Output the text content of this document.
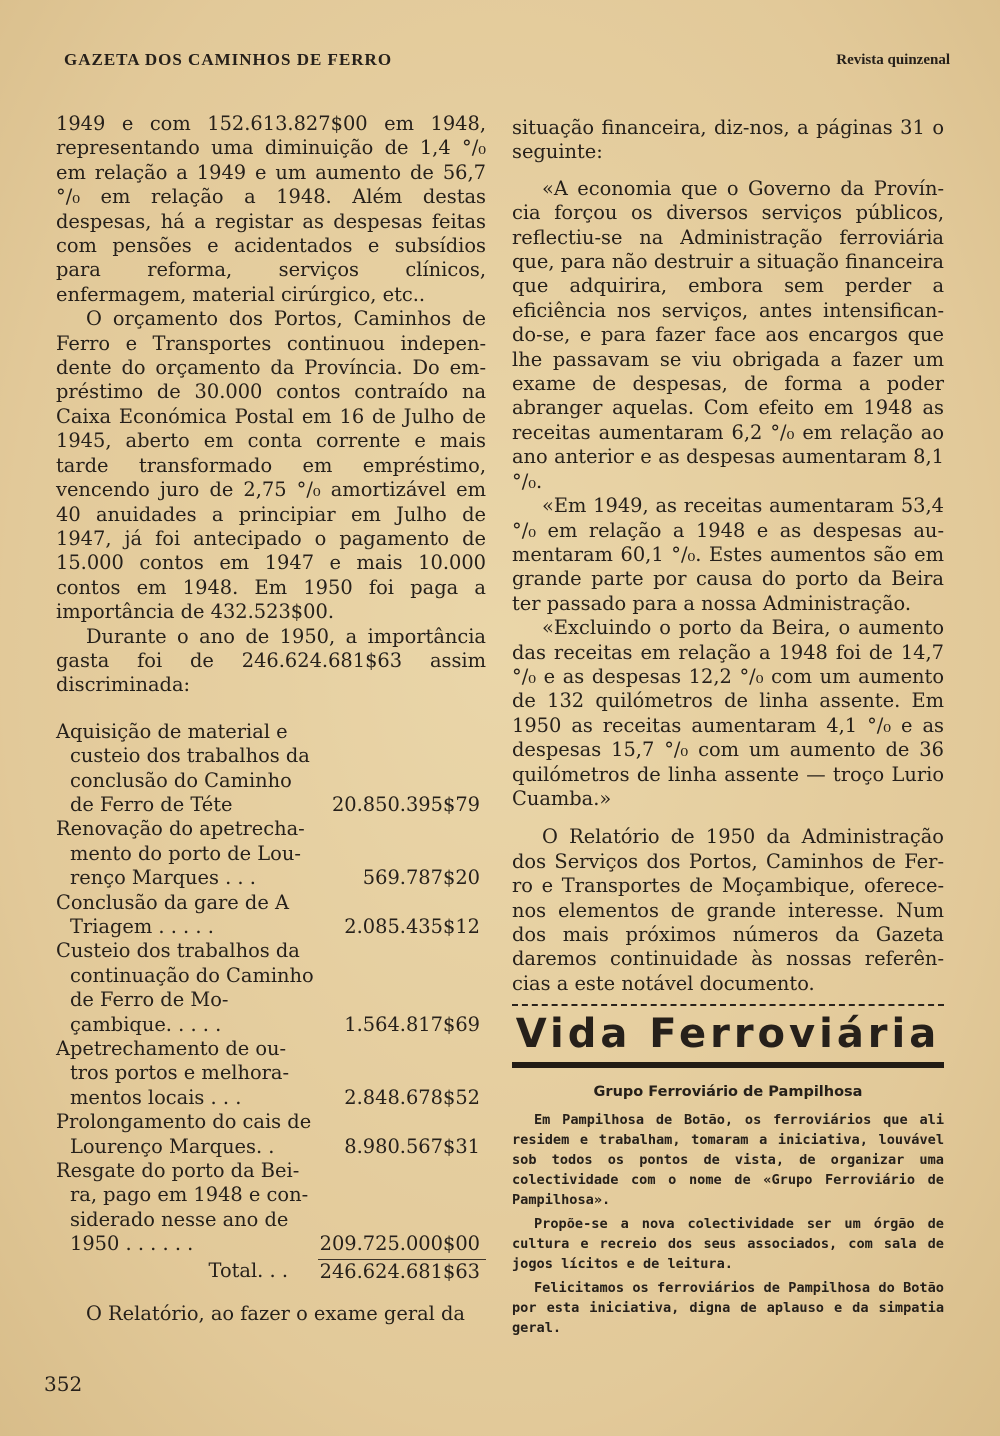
GAZETA DOS CAMINHOS DE FERRO	Revista quinzenal

1949 e com 152.613.827$00 em 1948, representando uma diminuição de 1,4 °/₀ em relação a 1949 e um aumento de 56,7 °/₀ em relação a 1948. Além destas despesas, há a registar as despesas feitas com pensões e acidentados e subsídios para reforma, serviços clínicos, enfermagem, material cirúrgico, etc..

O orçamento dos Portos, Caminhos de Ferro e Transportes continuou independente do orçamento da Província. Do empréstimo de 30.000 contos contraído na Caixa Económica Postal em 16 de Julho de 1945, aberto em conta corrente e mais tarde transformado em empréstimo, vencendo juro de 2,75 °/₀ amortizável em 40 anuidades a principiar em Julho de 1947, já foi antecipado o pagamento de 15.000 contos em 1947 e mais 10.000 contos em 1948. Em 1950 foi paga a importância de 432.523$00.

Durante o ano de 1950, a importância gasta foi de 246.624.681$63 assim discriminada:

Aquisição de material e custeio dos trabalhos da conclusão do Caminho de Ferro de Téte	20.850.395$79
Renovação do apetrechamento do porto de Lourenço Marques . . .	569.787$20
Conclusão da gare de A Triagem . . . . .	2.085.435$12
Custeio dos trabalhos da continuação do Caminho de Ferro de Moçambique. . . . .	1.564.817$69
Apetrechamento de outros portos e melhoramentos locais . . .	2.848.678$52
Prolongamento do cais de Lourenço Marques. .	8.980.567$31
Resgate do porto da Beira, pago em 1948 e considerado nesse ano de 1950 . . . . . .	209.725.000$00
Total. . .	246.624.681$63

O Relatório, ao fazer o exame geral da

situação financeira, diz-nos, a páginas 31 o seguinte:

«A economia que o Governo da Província forçou os diversos serviços públicos, reflectiu-se na Administração ferroviária que, para não destruir a situação financeira que adquirira, embora sem perder a eficiência nos serviços, antes intensificando-se, e para fazer face aos encargos que lhe passavam se viu obrigada a fazer um exame de despesas, de forma a poder abranger aquelas. Com efeito em 1948 as receitas aumentaram 6,2 °/₀ em relação ao ano anterior e as despesas aumentaram 8,1 °/₀.

«Em 1949, as receitas aumentaram 53,4 °/₀ em relação a 1948 e as despesas aumentaram 60,1 °/₀. Estes aumentos são em grande parte por causa do porto da Beira ter passado para a nossa Administração.

«Excluindo o porto da Beira, o aumento das receitas em relação a 1948 foi de 14,7 °/₀ e as despesas 12,2 °/₀ com um aumento de 132 quilómetros de linha assente. Em 1950 as receitas aumentaram 4,1 °/₀ e as despesas 15,7 °/₀ com um aumento de 36 quilómetros de linha assente — troço Lurio Cuamba.»

O Relatório de 1950 da Administração dos Serviços dos Portos, Caminhos de Ferro e Transportes de Moçambique, oferece-nos elementos de grande interesse. Num dos mais próximos números da Gazeta daremos continuidade às nossas referências a este notável documento.

Vida Ferroviária
Grupo Ferroviário de Pampilhosa

Em Pampilhosa de Botão, os ferroviários que ali residem e trabalham, tomaram a iniciativa, louvável sob todos os pontos de vista, de organizar uma colectividade com o nome de «Grupo Ferroviário de Pampilhosa».

Propõe-se a nova colectividade ser um órgão de cultura e recreio dos seus associados, com sala de jogos lícitos e de leitura.

Felicitamos os ferroviários de Pampilhosa do Botão por esta iniciativa, digna de aplauso e da simpatia geral.

352
